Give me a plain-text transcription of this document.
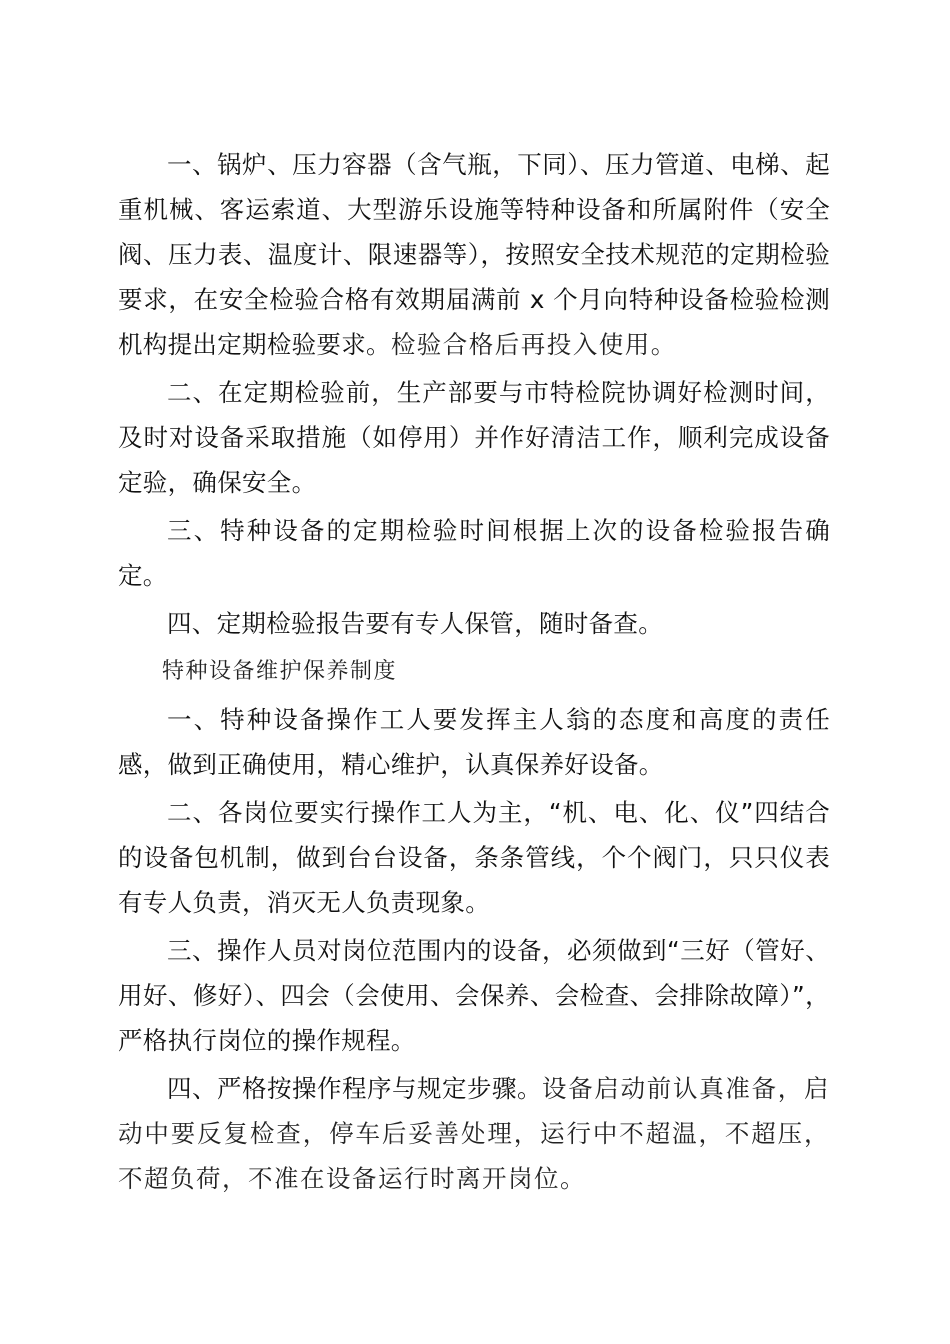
一、锅炉、压力容器（含气瓶，下同）、压力管道、电梯、起重机械、客运索道、大型游乐设施等特种设备和所属附件（安全阀、压力表、温度计、限速器等），按照安全技术规范的定期检验要求，在安全检验合格有效期届满前 x 个月向特种设备检验检测机构提出定期检验要求。检验合格后再投入使用。

二、在定期检验前，生产部要与市特检院协调好检测时间，及时对设备采取措施（如停用）并作好清洁工作，顺利完成设备定验，确保安全。

三、特种设备的定期检验时间根据上次的设备检验报告确定。

四、定期检验报告要有专人保管，随时备查。

特种设备维护保养制度

一、特种设备操作工人要发挥主人翁的态度和高度的责任感，做到正确使用，精心维护，认真保养好设备。

二、各岗位要实行操作工人为主，“机、电、化、仪”四结合的设备包机制，做到台台设备，条条管线，个个阀门，只只仪表有专人负责，消灭无人负责现象。

三、操作人员对岗位范围内的设备，必须做到“三好（管好、用好、修好）、四会（会使用、会保养、会检查、会排除故障）”，严格执行岗位的操作规程。

四、严格按操作程序与规定步骤。设备启动前认真准备，启动中要反复检查，停车后妥善处理，运行中不超温，不超压，不超负荷，不准在设备运行时离开岗位。
